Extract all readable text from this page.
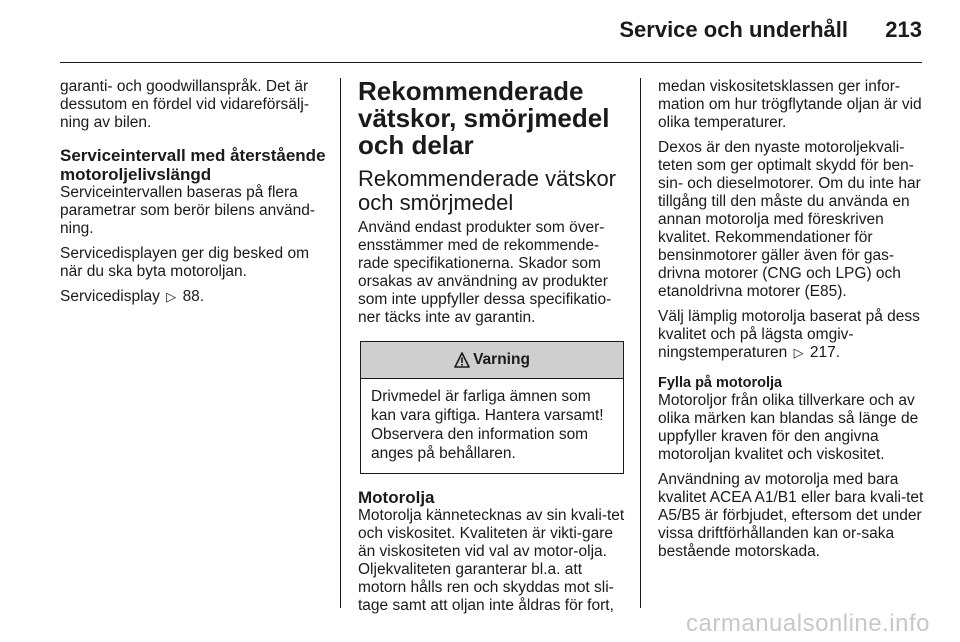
Service och underhåll 213

garanti- och goodwillanspråk. Det är dessutom en fördel vid vidareförsälj-ning av bilen.

Serviceintervall med återstående motoroljelivslängd

Serviceintervallen baseras på flera parametrar som berör bilens använd-ning.

Servicedisplayen ger dig besked om när du ska byta motoroljan.

Servicedisplay ▷ 88.

Rekommenderade vätskor, smörjmedel och delar
Rekommenderade vätskor och smörjmedel

Använd endast produkter som över-ensstämmer med de rekommende-rade specifikationerna. Skador som orsakas av användning av produkter som inte uppfyller dessa specifikatio-ner täcks inte av garantin.

Varning
Drivmedel är farliga ämnen som kan vara giftiga. Hantera varsamt! Observera den information som anges på behållaren.
Motorolja

Motorolja kännetecknas av sin kvali-tet och viskositet. Kvaliteten är vikti-gare än viskositeten vid val av motor-olja. Oljekvaliteten garanterar bl.a. att motorn hålls ren och skyddas mot sli-tage samt att oljan inte åldras för fort,

medan viskositetsklassen ger infor-mation om hur trögflytande oljan är vid olika temperaturer.

Dexos är den nyaste motoroljekvali-teten som ger optimalt skydd för ben-sin- och dieselmotorer. Om du inte har tillgång till den måste du använda en annan motorolja med föreskriven kvalitet. Rekommendationer för bensinmotorer gäller även för gas-drivna motorer (CNG och LPG) och etanoldrivna motorer (E85).

Välj lämplig motorolja baserat på dess kvalitet och på lägsta omgiv-ningstemperaturen ▷ 217.

Fylla på motorolja

Motoroljor från olika tillverkare och av olika märken kan blandas så länge de uppfyller kraven för den angivna motoroljan kvalitet och viskositet.

Användning av motorolja med bara kvalitet ACEA A1/B1 eller bara kvali-tet A5/B5 är förbjudet, eftersom det under vissa driftförhållanden kan or-saka bestående motorskada.

carmanualsonline.info
